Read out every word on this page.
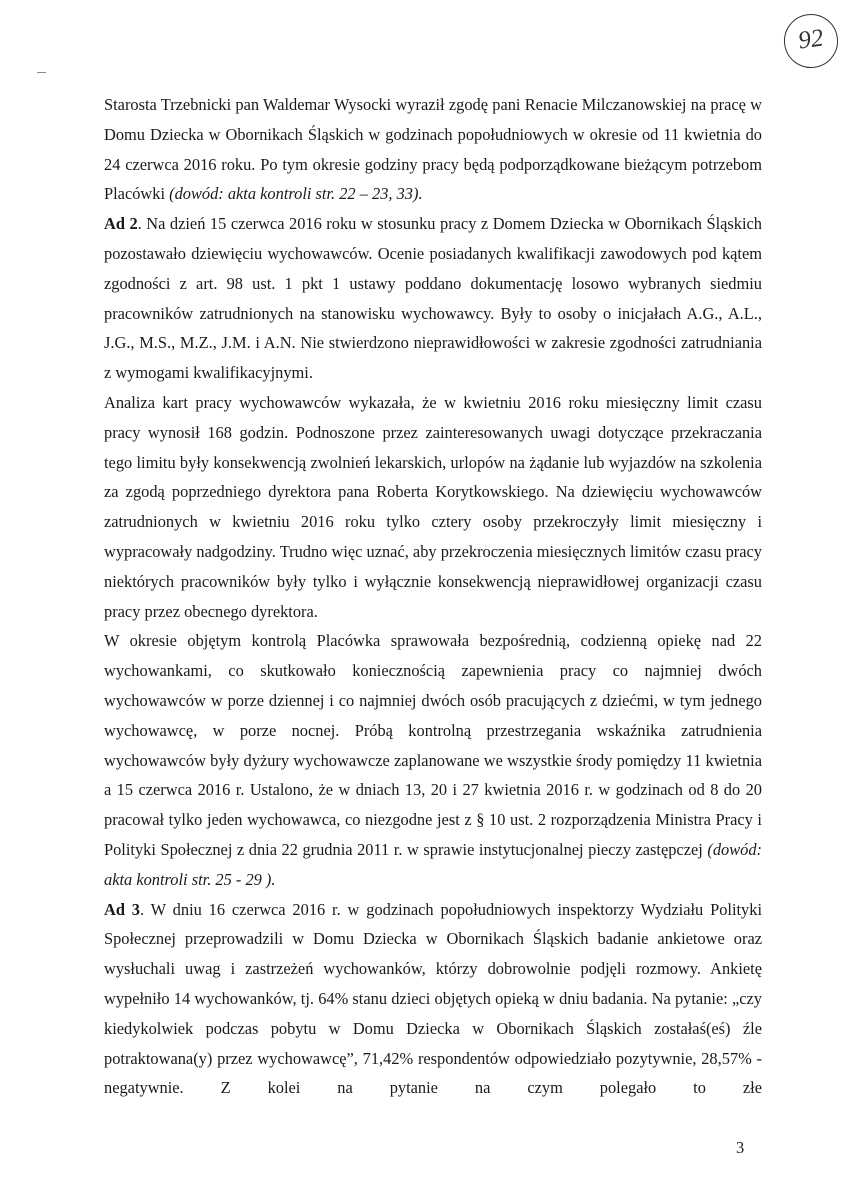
92

Starosta Trzebnicki pan Waldemar Wysocki wyraził zgodę pani Renacie Milczanowskiej na pracę w Domu Dziecka w Obornikach Śląskich w godzinach popołudniowych w okresie od 11 kwietnia do 24 czerwca 2016 roku. Po tym okresie godziny pracy będą podporządkowane bieżącym potrzebom Placówki (dowód: akta kontroli str. 22 – 23, 33).

Ad 2. Na dzień 15 czerwca 2016 roku w stosunku pracy z Domem Dziecka w Obornikach Śląskich pozostawało dziewięciu wychowawców. Ocenie posiadanych kwalifikacji zawodowych pod kątem zgodności z art. 98 ust. 1 pkt 1 ustawy poddano dokumentację losowo wybranych siedmiu pracowników zatrudnionych na stanowisku wychowawcy. Były to osoby o inicjałach A.G., A.L., J.G., M.S., M.Z., J.M. i A.N. Nie stwierdzono nieprawidłowości w zakresie zgodności zatrudniania z wymogami kwalifikacyjnymi.

Analiza kart pracy wychowawców wykazała, że w kwietniu 2016 roku miesięczny limit czasu pracy wynosił 168 godzin. Podnoszone przez zainteresowanych uwagi dotyczące przekraczania tego limitu były konsekwencją zwolnień lekarskich, urlopów na żądanie lub wyjazdów na szkolenia za zgodą poprzedniego dyrektora pana Roberta Korytkowskiego. Na dziewięciu wychowawców zatrudnionych w kwietniu 2016 roku tylko cztery osoby przekroczyły limit miesięczny i wypracowały nadgodziny. Trudno więc uznać, aby przekroczenia miesięcznych limitów czasu pracy niektórych pracowników były tylko i wyłącznie konsekwencją nieprawidłowej organizacji czasu pracy przez obecnego dyrektora.

W okresie objętym kontrolą Placówka sprawowała bezpośrednią, codzienną opiekę nad 22 wychowankami, co skutkowało koniecznością zapewnienia pracy co najmniej dwóch wychowawców w porze dziennej i co najmniej dwóch osób pracujących z dziećmi, w tym jednego wychowawcę, w porze nocnej. Próbą kontrolną przestrzegania wskaźnika zatrudnienia wychowawców były dyżury wychowawcze zaplanowane we wszystkie środy pomiędzy 11 kwietnia a 15 czerwca 2016 r. Ustalono, że w dniach 13, 20 i 27 kwietnia 2016 r. w godzinach od 8 do 20 pracował tylko jeden wychowawca, co niezgodne jest z § 10 ust. 2 rozporządzenia Ministra Pracy i Polityki Społecznej z dnia 22 grudnia 2011 r. w sprawie instytucjonalnej pieczy zastępczej (dowód: akta kontroli str. 25 - 29 ).

Ad 3. W dniu 16 czerwca 2016 r. w godzinach popołudniowych inspektorzy Wydziału Polityki Społecznej przeprowadzili w Domu Dziecka w Obornikach Śląskich badanie ankietowe oraz wysłuchali uwag i zastrzeżeń wychowanków, którzy dobrowolnie podjęli rozmowy. Ankietę wypełniło 14 wychowanków, tj. 64% stanu dzieci objętych opieką w dniu badania. Na pytanie: „czy kiedykolwiek podczas pobytu w Domu Dziecka w Obornikach Śląskich zostałaś(eś) źle potraktowana(y) przez wychowawcę”, 71,42% respondentów odpowiedziało pozytywnie, 28,57% - negatywnie. Z kolei na pytanie na czym polegało to złe

3
